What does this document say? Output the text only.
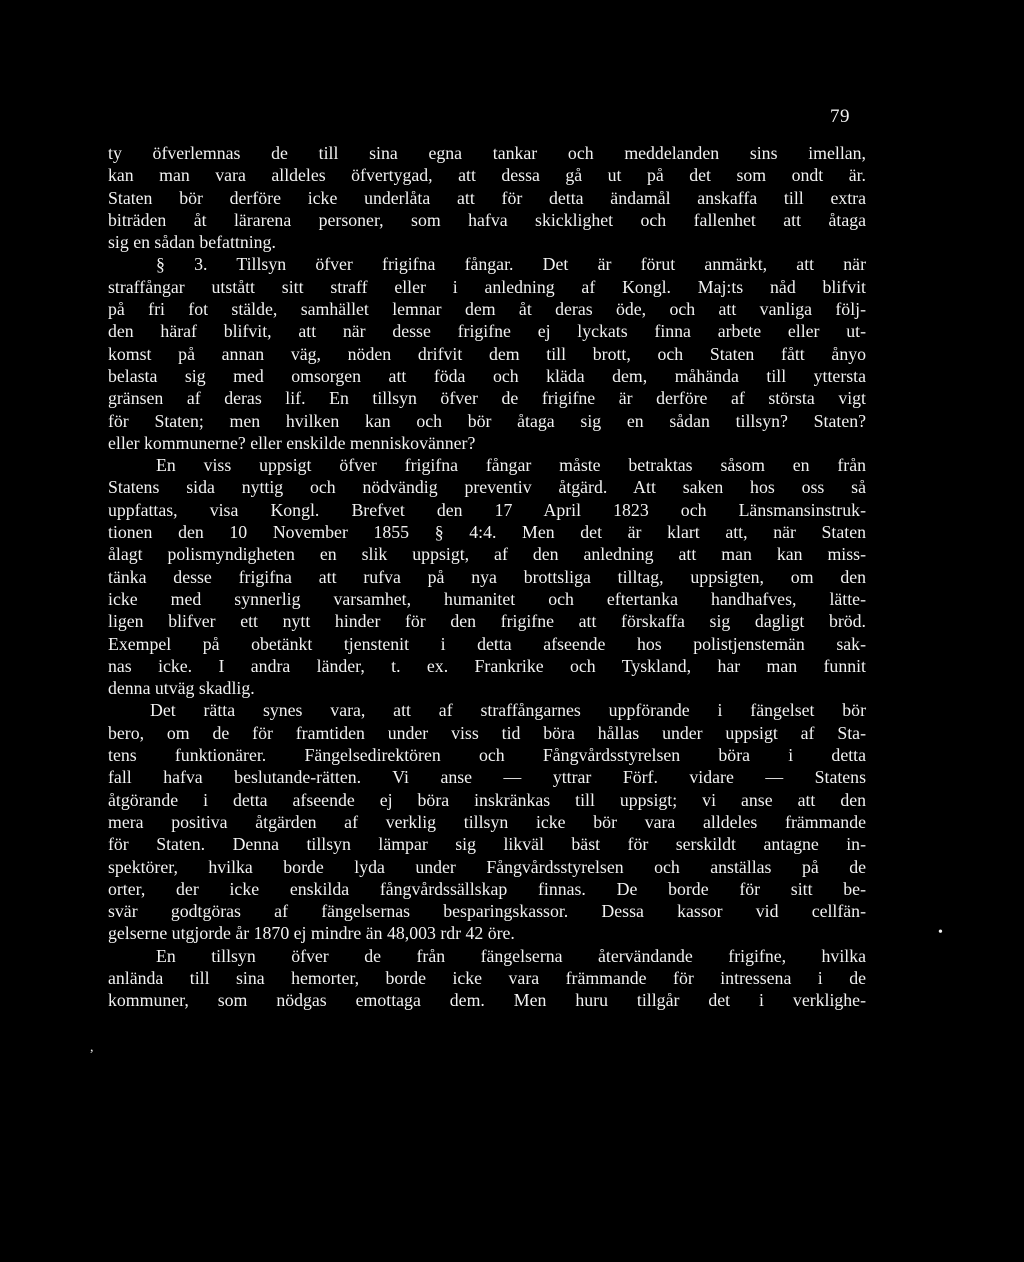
79
ty öfverlemnas de till sina egna tankar och meddelanden sins imellan,
kan man vara alldeles öfvertygad, att dessa gå ut på det som ondt är.
Staten bör derföre icke underlåta att för detta ändamål anskaffa till extra
biträden åt lärarena personer, som hafva skicklighet och fallenhet att åtaga
sig en sådan befattning.
§ 3. Tillsyn öfver frigifna fångar. Det är förut anmärkt, att när
straffångar utstått sitt straff eller i anledning af Kongl. Maj:ts nåd blifvit
på fri fot stälde, samhället lemnar dem åt deras öde, och att vanliga följ-
den häraf blifvit, att när desse frigifne ej lyckats finna arbete eller ut-
komst på annan väg, nöden drifvit dem till brott, och Staten fått ånyo
belasta sig med omsorgen att föda och kläda dem, måhända till yttersta
gränsen af deras lif. En tillsyn öfver de frigifne är derföre af största vigt
för Staten; men hvilken kan och bör åtaga sig en sådan tillsyn? Staten?
eller kommunerne? eller enskilde menniskovänner?
En viss uppsigt öfver frigifna fångar måste betraktas såsom en från
Statens sida nyttig och nödvändig preventiv åtgärd. Att saken hos oss så
uppfattas, visa Kongl. Brefvet den 17 April 1823 och Länsmansinstruk-
tionen den 10 November 1855 § 4:4. Men det är klart att, när Staten
ålagt polismyndigheten en slik uppsigt, af den anledning att man kan miss-
tänka desse frigifna att rufva på nya brottsliga tilltag, uppsigten, om den
icke med synnerlig varsamhet, humanitet och eftertanka handhafves, lätte-
ligen blifver ett nytt hinder för den frigifne att förskaffa sig dagligt bröd.
Exempel på obetänkt tjenstenit i detta afseende hos polistjenstemän sak-
nas icke. I andra länder, t. ex. Frankrike och Tyskland, har man funnit
denna utväg skadlig.
Det rätta synes vara, att af straffångarnes uppförande i fängelset bör
bero, om de för framtiden under viss tid böra hållas under uppsigt af Sta-
tens funktionärer. Fängelsedirektören och Fångvårdsstyrelsen böra i detta
fall hafva beslutande-rätten. Vi anse — yttrar Förf. vidare — Statens
åtgörande i detta afseende ej böra inskränkas till uppsigt; vi anse att den
mera positiva åtgärden af verklig tillsyn icke bör vara alldeles främmande
för Staten. Denna tillsyn lämpar sig likväl bäst för serskildt antagne in-
spektörer, hvilka borde lyda under Fångvårdsstyrelsen och anställas på de
orter, der icke enskilda fångvårdssällskap finnas. De borde för sitt be-
svär godtgöras af fängelsernas besparingskassor. Dessa kassor vid cellfän-
gelserne utgjorde år 1870 ej mindre än 48,003 rdr 42 öre.
En tillsyn öfver de från fängelserna återvändande frigifne, hvilka
anlända till sina hemorter, borde icke vara främmande för intressena i de
kommuner, som nödgas emottaga dem. Men huru tillgår det i verklighe-
,
•
